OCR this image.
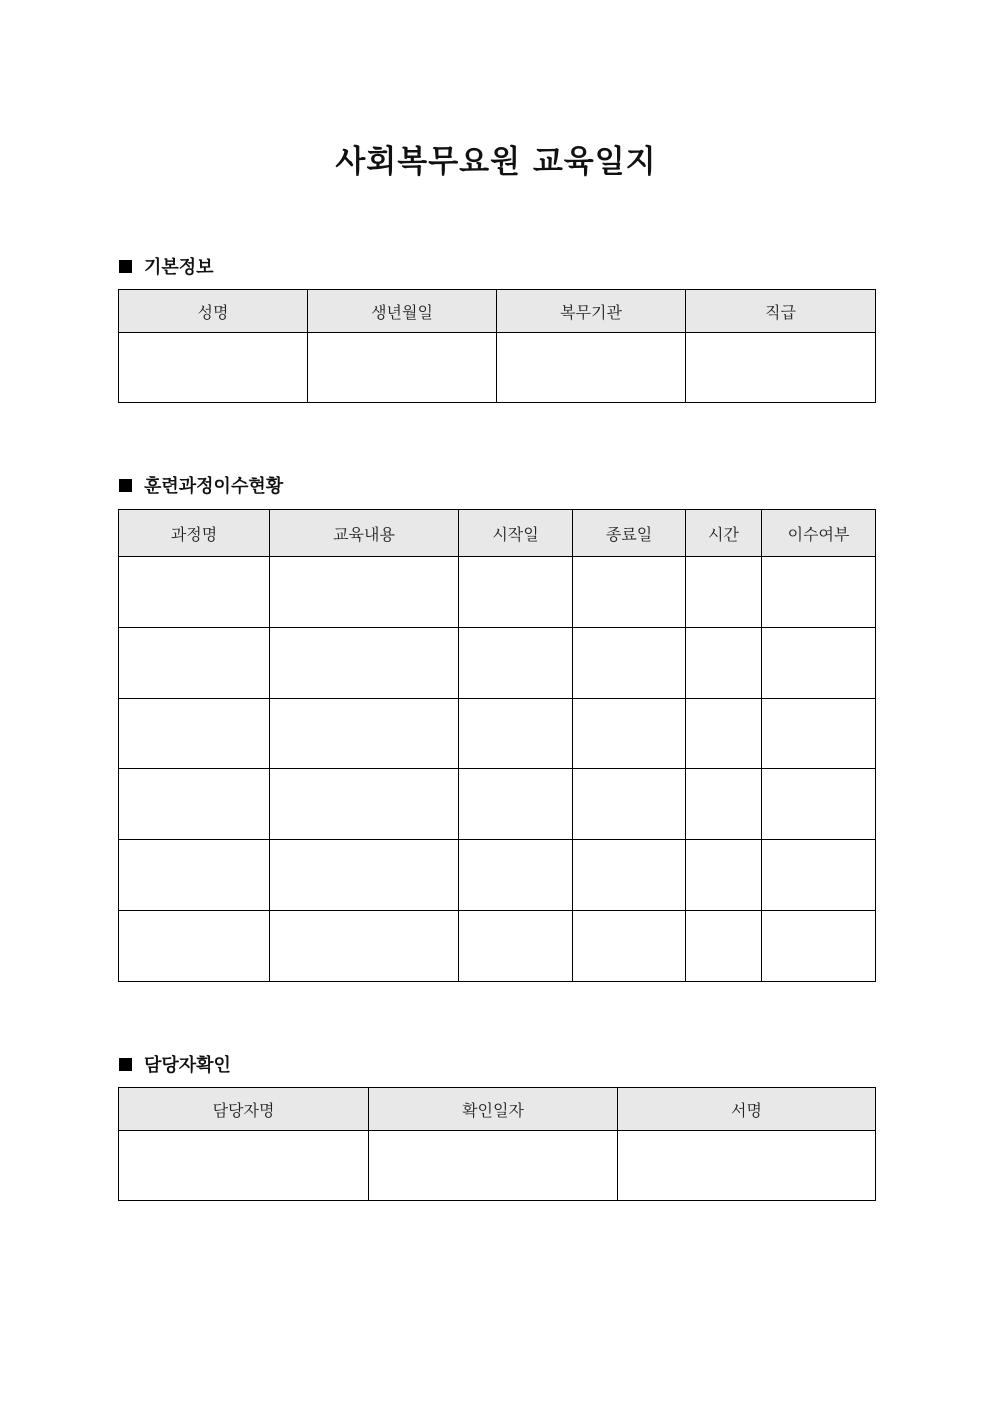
사회복무요원 교육일지
기본정보
성명	생년월일	복무기관	직급

훈련과정이수현황
과정명	교육내용	시작일	종료일	시간	이수여부

담당자확인
담당자명	확인일자	서명
